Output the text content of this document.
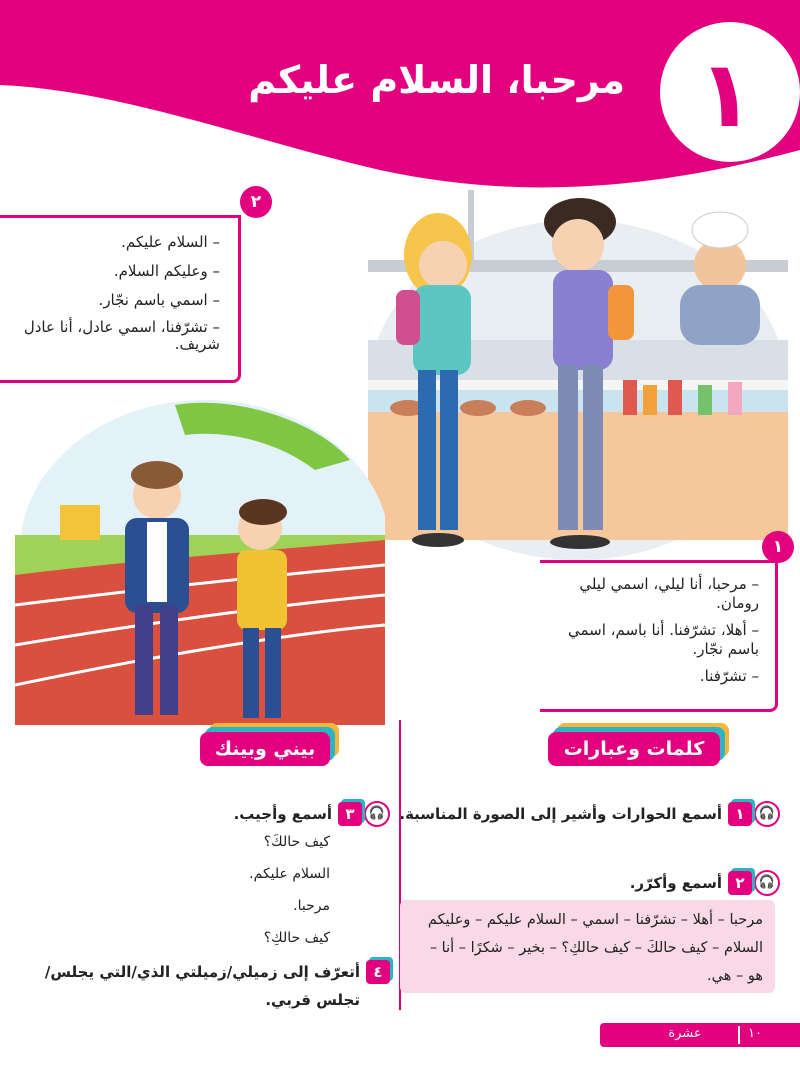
مرحبا، السلام عليكم ١
– السلام عليكم.
– وعليكم السلام.
– اسمي باسم نجّار.
– تشرّفنا، اسمي عادل، أنا عادل شريف.
٢
– مرحبا، أنا ليلي، اسمي ليلي رومان.
– أهلا، تشرّفنا. أنا باسم، اسمي باسم نجّار.
– تشرّفنا.
١
كلمات وعبارات
بيني وبينك
🎧
١
أسمع الحوارات وأشير إلى الصورة المناسبة.
🎧
٢
أسمع وأكرّر.
مرحبا – أهلا – تشرّفنا – اسمي – السلام عليكم – وعليكم السلام – كيف حالكَ – كيف حالكِ؟ – بخير – شكرًا – أنا – هو – هي.
🎧
٣
أسمع وأجيب.
كيف حالكَ؟
السلام عليكم.
مرحبا.
كيف حالكِ؟
٤
أتعرّف إلى زميلي/زميلتي الذي/التي يجلس/تجلس قربي.
عشرة	١٠
